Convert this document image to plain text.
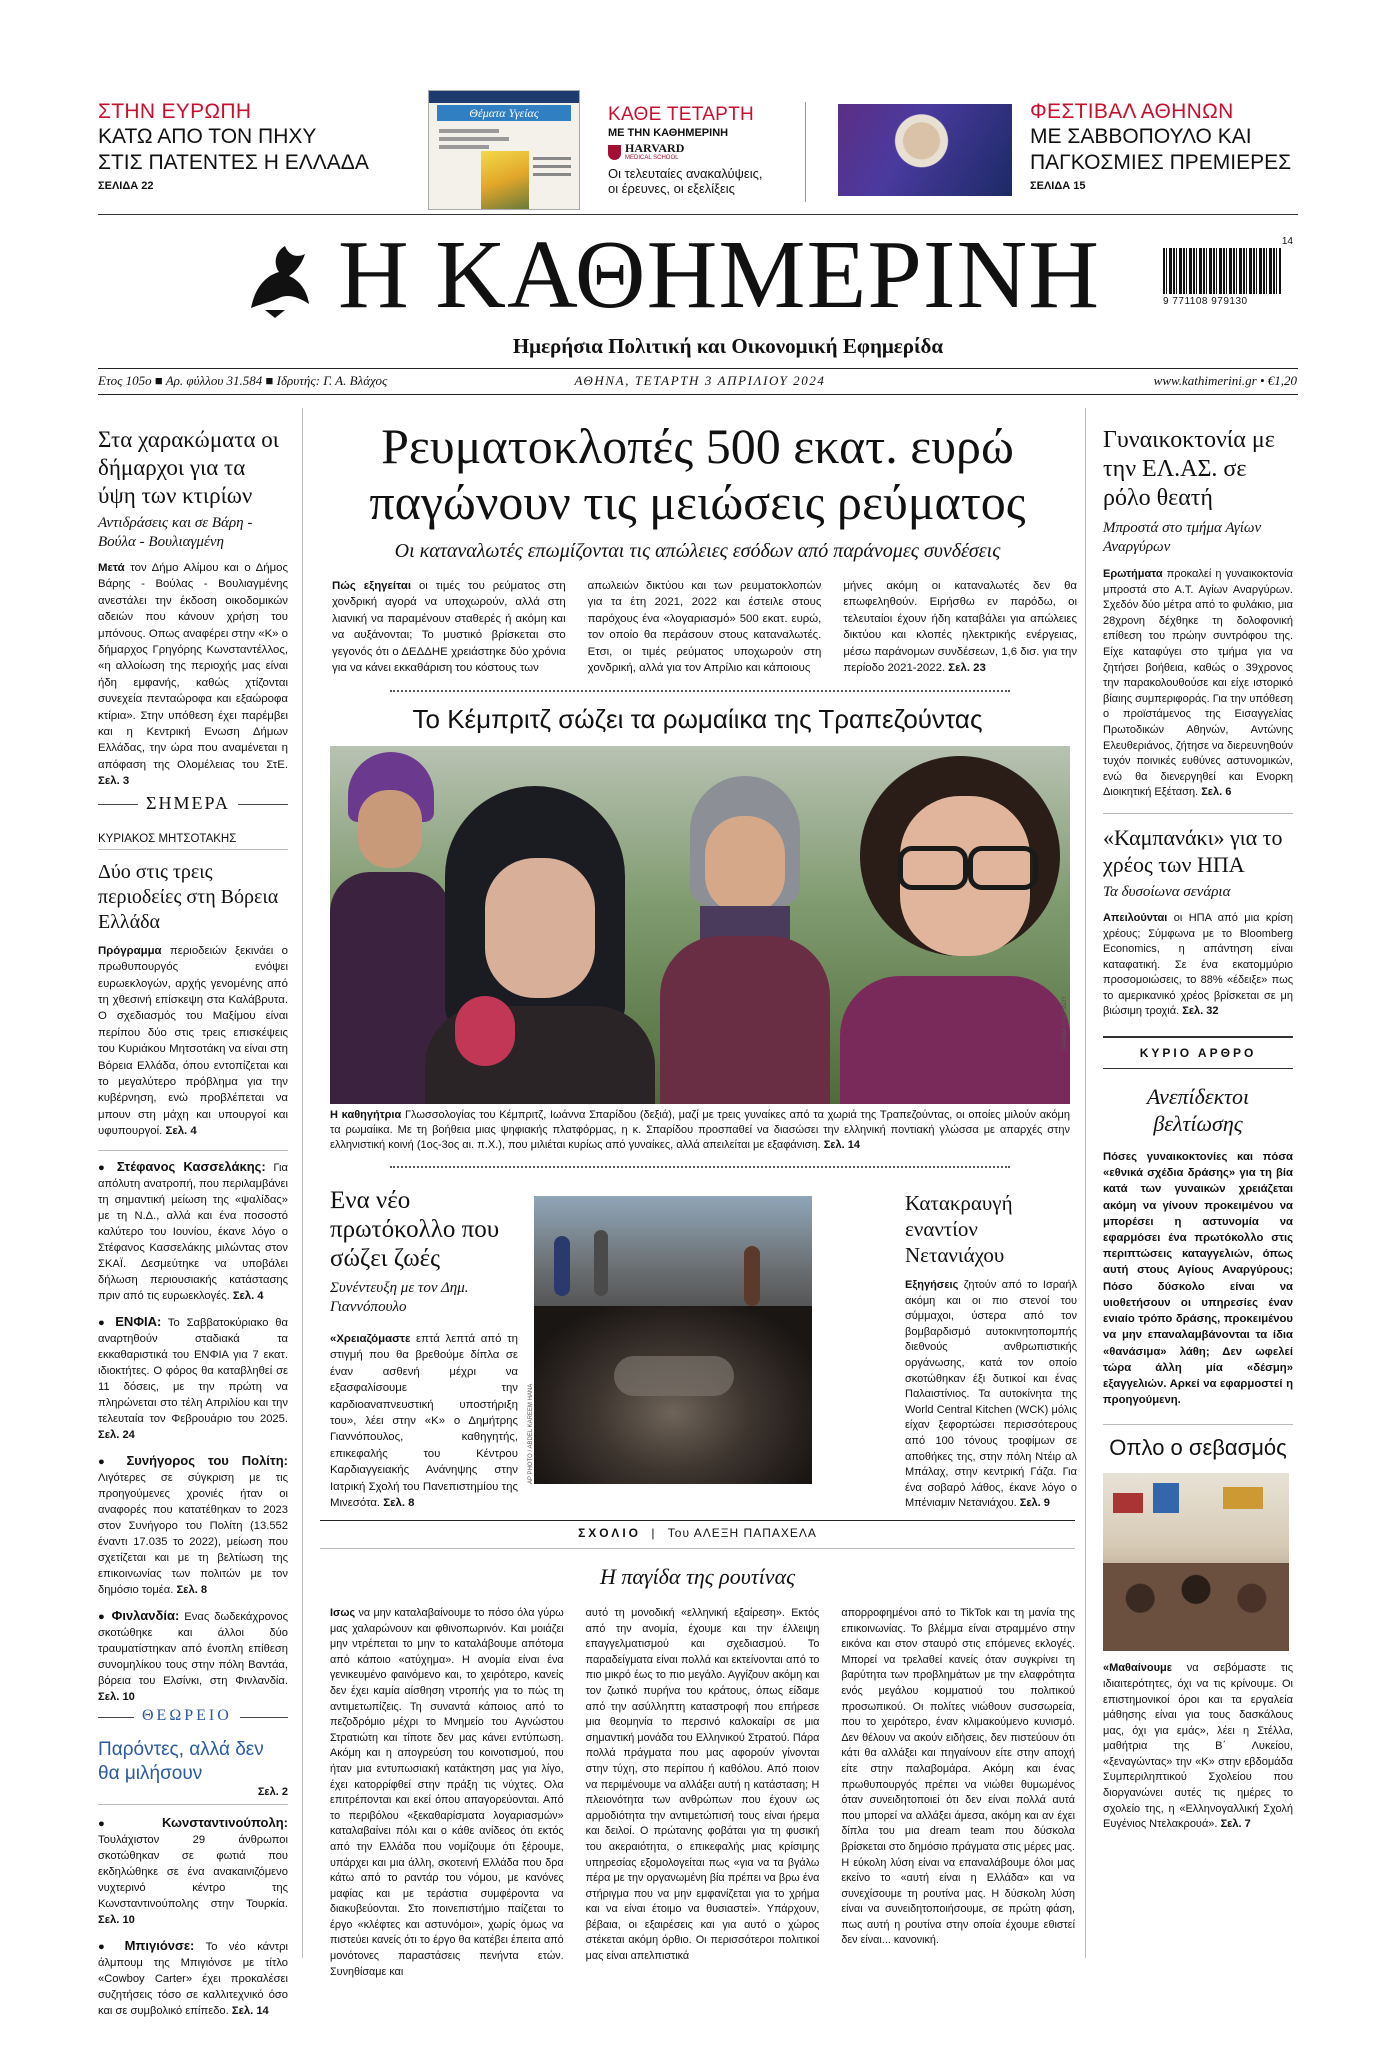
ΣΤΗΝ ΕΥΡΩΠΗ
ΚΑΤΩ ΑΠΟ ΤΟΝ ΠΗΧΥ
ΣΤΙΣ ΠΑΤΕΝΤΕΣ Η ΕΛΛΑΔΑ
ΣΕΛΙΔΑ 22
Θέματα Υγείας	ΚΑΘΕ ΤΕΤΑΡΤΗ
ΜΕ ΤΗΝ ΚΑΘΗΜΕΡΙΝΗ
HARVARD
MEDICAL SCHOOL
Οι τελευταίες ανακαλύψεις,
οι έρευνες, οι εξελίξεις
ΦΕΣΤΙΒΑΛ ΑΘΗΝΩΝ
ΜΕ ΣΑΒΒΟΠΟΥΛΟ ΚΑΙ
ΠΑΓΚΟΣΜΙΕΣ ΠΡΕΜΙΕΡΕΣ
ΣΕΛΙΔΑ 15
Η ΚΑΘΗΜΕΡΙΝΗ
Ημερήσια Πολιτική και Οικονομική Εφημερίδα
14
9 771108 979130
Ετος 105ο ■ Αρ. φύλλου 31.584 ■ Ιδρυτής: Γ. Α. Βλάχος	ΑΘΗΝΑ, ΤΕΤΑΡΤΗ 3 ΑΠΡΙΛΙΟΥ 2024	www.kathimerini.gr • €1,20
Στα χαρακώματα οι δήμαρχοι για τα ύψη των κτιρίων
Αντιδράσεις και σε Βάρη - Βούλα - Βουλιαγμένη
Μετά τον Δήμο Αλίμου και ο Δήμος Βάρης - Βούλας - Βουλιαγμένης ανεστάλει την έκδοση οικοδομικών αδειών που κάνουν χρήση του μπόνους. Οπως αναφέρει στην «Κ» ο δήμαρχος Γρηγόρης Κωνσταντέλλος, «η αλλοίωση της περιοχής μας είναι ήδη εμφανής, καθώς χτίζονται συνεχεία πενταώροφα και εξαώροφα κτίρια». Στην υπόθεση έχει παρέμβει και η Κεντρική Ενωση Δήμων Ελλάδας, την ώρα που αναμένεται η απόφαση της Ολομέλειας του ΣτΕ. Σελ. 3
ΣΗΜΕΡΑ
ΚΥΡΙΑΚΟΣ ΜΗΤΣΟΤΑΚΗΣ
Δύο στις τρεις περιοδείες στη Βόρεια Ελλάδα
Πρόγραμμα περιοδειών ξεκινάει ο πρωθυπουργός ενόψει ευρωεκλογών, αρχής γενομένης από τη χθεσινή επίσκεψη στα Καλάβρυτα. Ο σχεδιασμός του Μαξίμου είναι περίπου δύο στις τρεις επισκέψεις του Κυριάκου Μητσοτάκη να είναι στη Βόρεια Ελλάδα, όπου εντοπίζεται και το μεγαλύτερο πρόβλημα για την κυβέρνηση, ενώ προβλέπεται να μπουν στη μάχη και υπουργοί και υφυπουργοί. Σελ. 4
● Στέφανος Κασσελάκης: Για απόλυτη ανατροπή, που περιλαμβάνει τη σημαντική μείωση της «ψαλίδας» με τη Ν.Δ., αλλά και ένα ποσοστό καλύτερο του Ιουνίου, έκανε λόγο ο Στέφανος Κασσελάκης μιλώντας στον ΣΚΑΪ. Δεσμεύτηκε να υποβάλει δήλωση περιουσιακής κατάστασης πριν από τις ευρωεκλογές. Σελ. 4
● ΕΝΦΙΑ: Το Σαββατοκύριακο θα αναρτηθούν σταδιακά τα εκκαθαριστικά του ΕΝΦΙΑ για 7 εκατ. ιδιοκτήτες. Ο φόρος θα καταβληθεί σε 11 δόσεις, με την πρώτη να πληρώνεται στο τέλη Απριλίου και την τελευταία τον Φεβρουάριο του 2025. Σελ. 24
● Συνήγορος του Πολίτη: Λιγότερες σε σύγκριση με τις προηγούμενες χρονιές ήταν οι αναφορές που κατατέθηκαν το 2023 στον Συνήγορο του Πολίτη (13.552 έναντι 17.035 το 2022), μείωση που σχετίζεται και με τη βελτίωση της επικοινωνίας των πολιτών με τον δημόσιο τομέα. Σελ. 8
● Φινλανδία: Ενας δωδεκάχρονος σκοτώθηκε και άλλοι δύο τραυματίστηκαν από ένοπλη επίθεση συνομηλίκου τους στην πόλη Βαντάα, βόρεια του Ελσίνκι, στη Φινλανδία. Σελ. 10
ΘΕΩΡΕΙΟ
Παρόντες, αλλά δεν θα μιλήσουν
Σελ. 2
● Κωνσταντινούπολη: Τουλάχιστον 29 άνθρωποι σκοτώθηκαν σε φωτιά που εκδηλώθηκε σε ένα ανακαινιζόμενο νυχτερινό κέντρο της Κωνσταντινούπολης στην Τουρκία. Σελ. 10
● Μπιγιόνσε: Το νέο κάντρι άλμπουμ της Μπιγιόνσε με τίτλο «Cowboy Carter» έχει προκαλέσει συζητήσεις τόσο σε καλλιτεχνικό όσο και σε συμβολικό επίπεδο. Σελ. 14
Ρευματοκλοπές 500 εκατ. ευρώ
παγώνουν τις μειώσεις ρεύματος
Οι καταναλωτές επωμίζονται τις απώλειες εσόδων από παράνομες συνδέσεις
Πώς εξηγείται οι τιμές του ρεύματος στη χονδρική αγορά να υποχωρούν, αλλά στη λιανική να παραμένουν σταθερές ή ακόμη και να αυξάνονται; Το μυστικό βρίσκεται στο γεγονός ότι ο ΔΕΔΔΗΕ χρειάστηκε δύο χρόνια για να κάνει εκκαθάριση του κόστους των
απωλειών δικτύου και των ρευματοκλοπών για τα έτη 2021, 2022 και έστειλε στους παρόχους ένα «λογαριασμό» 500 εκατ. ευρώ, τον οποίο θα περάσουν στους καταναλωτές. Ετσι, οι τιμές ρεύματος υποχωρούν στη χονδρική, αλλά για τον Απρίλιο και κάποιους
μήνες ακόμη οι καταναλωτές δεν θα επωφεληθούν. Ειρήσθω εν παρόδω, οι τελευταίοι έχουν ήδη καταβάλει για απώλειες δικτύου και κλοπές ηλεκτρικής ενέργειας, μέσω παράνομων συνδέσεων, 1,6 δισ. για την περίοδο 2021-2022. Σελ. 23
Το Κέμπριτζ σώζει τα ρωμαίικα της Τραπεζούντας
ΙΩΑΝΝΑ ΣΠΑΡΙΔΟΥ
Η καθηγήτρια Γλωσσολογίας του Κέμπριτζ, Ιωάννα Σπαρίδου (δεξιά), μαζί με τρεις γυναίκες από τα χωριά της Τραπεζούντας, οι οποίες μιλούν ακόμη τα ρωμαίικα. Με τη βοήθεια μιας ψηφιακής πλατφόρμας, η κ. Σπαρίδου προσπαθεί να διασώσει την ελληνική ποντιακή γλώσσα με απαρχές στην ελληνιστική κοινή (1ος-3ος αι. π.Χ.), που μιλιέται κυρίως από γυναίκες, αλλά απειλείται με εξαφάνιση. Σελ. 14
Ενα νέο πρωτόκολλο που σώζει ζωές
Συνέντευξη με τον Δημ. Γιαννόπουλο
«Χρειαζόμαστε επτά λεπτά από τη στιγμή που θα βρεθούμε δίπλα σε έναν ασθενή μέχρι να εξασφαλίσουμε την καρδιοαναπνευστική υποστήριξη του», λέει στην «Κ» ο Δημήτρης Γιαννόπουλος, καθηγητής, επικεφαλής του Κέντρου Καρδιαγγειακής Ανάνηψης στην Ιατρική Σχολή του Πανεπιστημίου της Μινεσότα. Σελ. 8
AP PHOTO / ABDEL KAREEM HANA
Κατακραυγή εναντίον Νετανιάχου
Εξηγήσεις ζητούν από το Ισραήλ ακόμη και οι πιο στενοί του σύμμαχοι, ύστερα από τον βομβαρδισμό αυτοκινητοπομπής διεθνούς ανθρωπιστικής οργάνωσης, κατά τον οποίο σκοτώθηκαν έξι δυτικοί και ένας Παλαιστίνιος. Τα αυτοκίνητα της World Central Kitchen (WCK) μόλις είχαν ξεφορτώσει περισσότερους από 100 τόνους τροφίμων σε αποθήκες της, στην πόλη Ντέιρ αλ Μπάλαχ, στην κεντρική Γάζα. Για ένα σοβαρό λάθος, έκανε λόγο ο Μπένιαμιν Νετανιάχου. Σελ. 9
ΣΧΟΛΙΟ | Του ΑΛΕΞΗ ΠΑΠΑΧΕΛΑ
Η παγίδα της ρουτίνας
Ισως να μην καταλαβαίνουμε το πόσο όλα γύρω μας χαλαρώνουν και φθινοπωρινόν. Και μοιάζει μην ντρέπεται το μην το καταλάβουμε απότομα από κάποιο «ατύχημα». Η ανομία είναι ένα γενικευμένο φαινόμενο και, το χειρότερο, κανείς δεν έχει καμία αίσθηση ντροπής για το πώς τη αντιμετωπίζεις. Τη συναντά κάποιος από το πεζοδρόμιο μέχρι το Μνημείο του Αγνώστου Στρατιώτη και τίποτε δεν μας κάνει εντύπωση. Ακόμη και η απογρεύση του κοινοτισμού, που ήταν μια εντυπωσιακή κατάκτηση μας για λίγο, έχει κατορρίφθεί στην πράξη τις νύχτες. Ολα επιτρέπονται και εκεί όπου απαγορεύονται. Από το περιβόλου «ξεκαθαρίσματα λογαριασμών» καταλαβαίνει πόλι και ο κάθε ανίδεος ότι εκτός από την Ελλάδα που νομίζουμε ότι ξέρουμε, υπάρχει και μια άλλη, σκοτεινή Ελλάδα που δρα κάτω από το ραντάρ του νόμου, με κανόνες μαφίας και με τεράστια συμφέροντα να διακυβεύονται. Στο ποινεπιστήμιο παίζεται το έργο «κλέφτες και αστυνόμοι», χωρίς όμως να πιστεύει κανείς ότι το έργο θα κατέβει έπειτα από μονότονες παραστάσεις πενήντα ετών. Συνηθίσαμε και
αυτό τη μονοδική «ελληνική εξαίρεση». Εκτός από την ανομία, έχουμε και την έλλειψη επαγγελματισμού και σχεδιασμού. Το παραδείγματα είναι πολλά και εκτείνονται από το πιο μικρό έως το πιο μεγάλο. Αγγίζουν ακόμη και τον ζωτικό πυρήνα του κράτους, όπως είδαμε από την ασύλληπτη καταστροφή που επήρεσε μια θεομηνία το περσινό καλοκαίρι σε μια σημαντική μονάδα του Ελληνικού Στρατού. Πάρα πολλά πράγματα που μας αφορούν γίνονται στην τύχη, στο περίπου ή καθόλου. Από ποιον να περιμένουμε να αλλάξει αυτή η κατάσταση; Η πλειονότητα των ανθρώπων που έχουν ως αρμοδιότητα την αντιμετώπισή τους είναι ήρεμα και δειλοί. Ο πρώτανης φοβάται για τη φυσική του ακεραιότητα, ο επικεφαλής μιας κρίσιμης υπηρεσίας εξομολογείται πως «για να τα βγάλω πέρα με την οργανωμένη βία πρέπει να βρω ένα στήριγμα που να μην εμφανίζεται για το χρήμα και να είναι έτοιμο να θυσιαστεί». Υπάρχουν, βέβαια, οι εξαιρέσεις και για αυτό ο χώρος στέκεται ακόμη όρθιο. Οι περισσότεροι πολιτικοί μας είναι απελπιστικά
απορροφημένοι από το TikTok και τη μανία της επικοινωνίας. Το βλέμμα είναι στραμμένο στην εικόνα και στον σταυρό στις επόμενες εκλογές. Μπορεί να τρελαθεί κανείς όταν συγκρίνει τη βαρύτητα των προβλημάτων με την ελαφρότητα ενός μεγάλου κομματιού του πολιτικού προσωπικού. Οι πολίτες νιώθουν συσσωρεία, που το χειρότερο, έναν κλιμακούμενο κυνισμό. Δεν θέλουν να ακούν ειδήσεις, δεν πιστεύουν ότι κάτι θα αλλάξει και πηγαίνουν είτε στην αποχή είτε στην παλαβομάρα. Ακόμη και ένας πρωθυπουργός πρέπει να νιώθει θυμωμένος όταν συνειδητοποιεί ότι δεν είναι πολλά αυτά που μπορεί να αλλάξει άμεσα, ακόμη και αν έχει δίπλα του μια dream team που δύσκολα βρίσκεται στο δημόσιο πράγματα στις μέρες μας. Η εύκολη λύση είναι να επαναλάβουμε όλοι μας εκείνο το «αυτή είναι η Ελλάδα» και να συνεχίσουμε τη ρουτίνα μας. Η δύσκολη λύση είναι να συνειδητοποιήσουμε, σε πρώτη φάση, πως αυτή η ρουτίνα στην οποία έχουμε εθιστεί δεν είναι... κανονική.
Γυναικοκτονία με την ΕΛ.ΑΣ. σε ρόλο θεατή
Μπροστά στο τμήμα Αγίων Αναργύρων
Ερωτήματα προκαλεί η γυναικοκτονία μπροστά στο Α.Τ. Αγίων Αναργύρων. Σχεδόν δύο μέτρα από το φυλάκιο, μια 28χρονη δέχθηκε τη δολοφονική επίθεση του πρώην συντρόφου της. Είχε καταφύγει στο τμήμα για να ζητήσει βοήθεια, καθώς ο 39χρονος την παρακολουθούσε και είχε ιστορικό βίαιης συμπεριφοράς. Για την υπόθεση ο προϊστάμενος της Εισαγγελίας Πρωτοδικών Αθηνών, Αντώνης Ελευθεριάνος, ζήτησε να διερευνηθούν τυχόν ποινικές ευθύνες αστυνομικών, ενώ θα διενεργηθεί και Ενορκη Διοικητική Εξέταση. Σελ. 6
«Καμπανάκι» για το χρέος των ΗΠΑ
Τα δυσοίωνα σενάρια
Απειλούνται οι ΗΠΑ από μια κρίση χρέους; Σύμφωνα με το Bloomberg Economics, η απάντηση είναι καταφατική. Σε ένα εκατομμύριο προσομοιώσεις, το 88% «έδειξε» πως το αμερικανικό χρέος βρίσκεται σε μη βιώσιμη τροχιά. Σελ. 32
ΚΥΡΙΟ ΑΡΘΡΟ
Ανεπίδεκτοι βελτίωσης
Πόσες γυναικοκτονίες και πόσα «εθνικά σχέδια δράσης» για τη βία κατά των γυναικών χρειάζεται ακόμη να γίνουν προκειμένου να μπορέσει η αστυνομία να εφαρμόσει ένα πρωτόκολλο στις περιπτώσεις καταγγελιών, όπως αυτή στους Αγίους Αναργύρους; Πόσο δύσκολο είναι να υιοθετήσουν οι υπηρεσίες έναν ενιαίο τρόπο δράσης, προκειμένου να μην επαναλαμβάνονται τα ίδια «θανάσιμα» λάθη; Δεν ωφελεί τώρα άλλη μία «δέσμη» εξαγγελιών. Αρκεί να εφαρμοστεί η προηγούμενη.
Οπλο ο σεβασμός
«Μαθαίνουμε να σεβόμαστε τις ιδιαιτερότητες, όχι να τις κρίνουμε. Οι επιστημονικοί όροι και τα εργαλεία μάθησης είναι για τους δασκάλους μας, όχι για εμάς», λέει η Στέλλα, μαθήτρια της Β΄ Λυκείου, «ξεναγώντας» την «Κ» στην εβδομάδα Συμπεριληπτικού Σχολείου που διοργανώνει αυτές τις ημέρες το σχολείο της, η «Ελληνογαλλική Σχολή Ευγένιος Ντελακρουά». Σελ. 7
